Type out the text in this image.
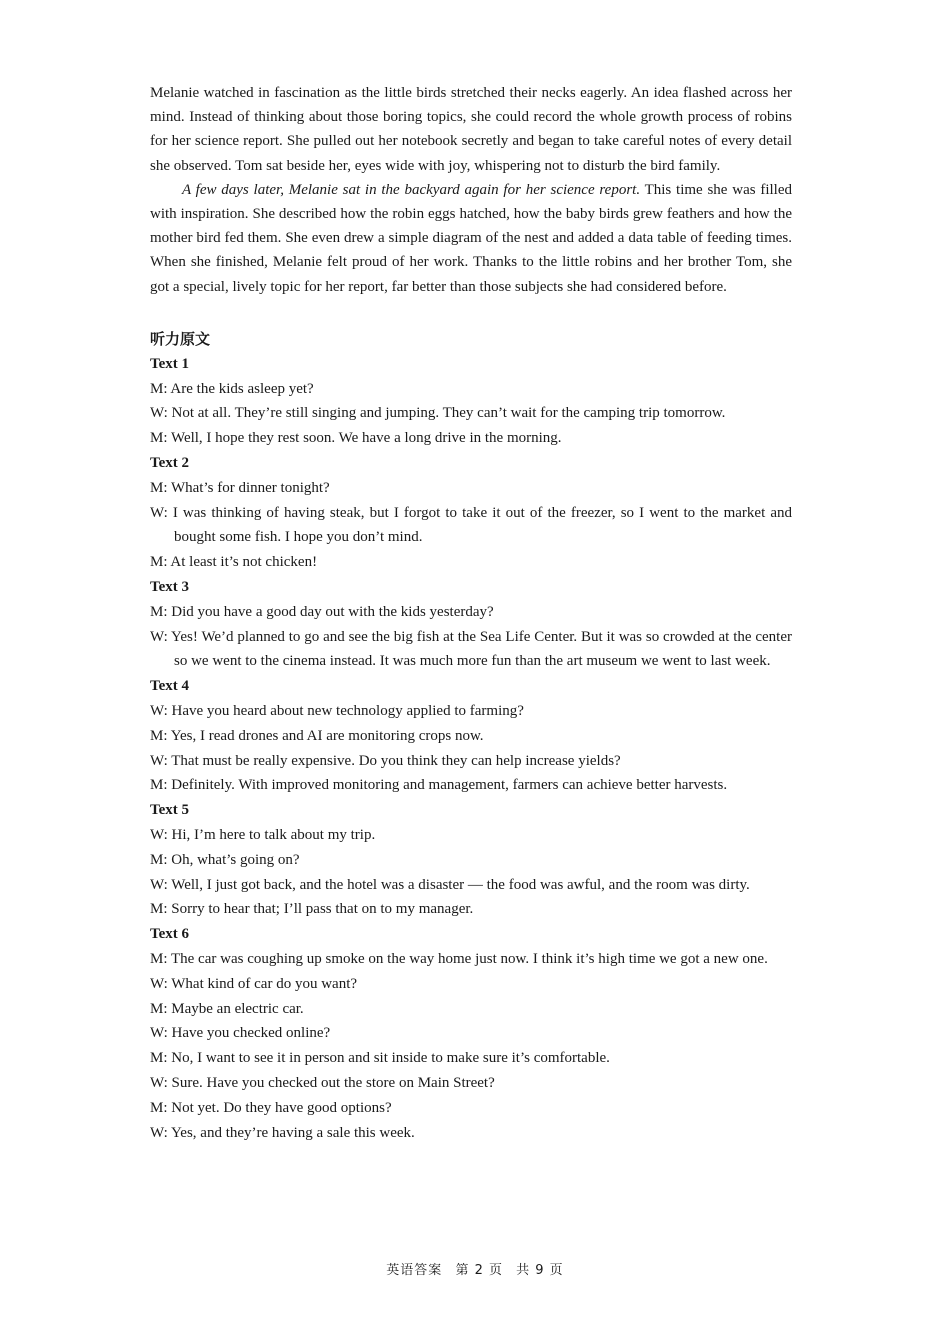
Melanie watched in fascination as the little birds stretched their necks eagerly. An idea flashed across her mind. Instead of thinking about those boring topics, she could record the whole growth process of robins for her science report. She pulled out her notebook secretly and began to take careful notes of every detail she observed. Tom sat beside her, eyes wide with joy, whispering not to disturb the bird family.

A few days later, Melanie sat in the backyard again for her science report. This time she was filled with inspiration. She described how the robin eggs hatched, how the baby birds grew feathers and how the mother bird fed them. She even drew a simple diagram of the nest and added a data table of feeding times. When she finished, Melanie felt proud of her work. Thanks to the little robins and her brother Tom, she got a special, lively topic for her report, far better than those subjects she had considered before.

听力原文

Text 1

M: Are the kids asleep yet?

W: Not at all. They’re still singing and jumping. They can’t wait for the camping trip tomorrow.

M: Well, I hope they rest soon. We have a long drive in the morning.

Text 2

M: What’s for dinner tonight?

W: I was thinking of having steak, but I forgot to take it out of the freezer, so I went to the market and bought some fish. I hope you don’t mind.

M: At least it’s not chicken!

Text 3

M: Did you have a good day out with the kids yesterday?

W: Yes! We’d planned to go and see the big fish at the Sea Life Center. But it was so crowded at the center so we went to the cinema instead. It was much more fun than the art museum we went to last week.

Text 4

W: Have you heard about new technology applied to farming?

M: Yes, I read drones and AI are monitoring crops now.

W: That must be really expensive. Do you think they can help increase yields?

M: Definitely. With improved monitoring and management, farmers can achieve better harvests.

Text 5

W: Hi, I’m here to talk about my trip.

M: Oh, what’s going on?

W: Well, I just got back, and the hotel was a disaster — the food was awful, and the room was dirty.

M: Sorry to hear that; I’ll pass that on to my manager.

Text 6

M: The car was coughing up smoke on the way home just now. I think it’s high time we got a new one.

W: What kind of car do you want?

M: Maybe an electric car.

W: Have you checked online?

M: No, I want to see it in person and sit inside to make sure it’s comfortable.

W: Sure. Have you checked out the store on Main Street?

M: Not yet. Do they have good options?

W: Yes, and they’re having a sale this week.

英语答案 第 2 页 共 9 页
